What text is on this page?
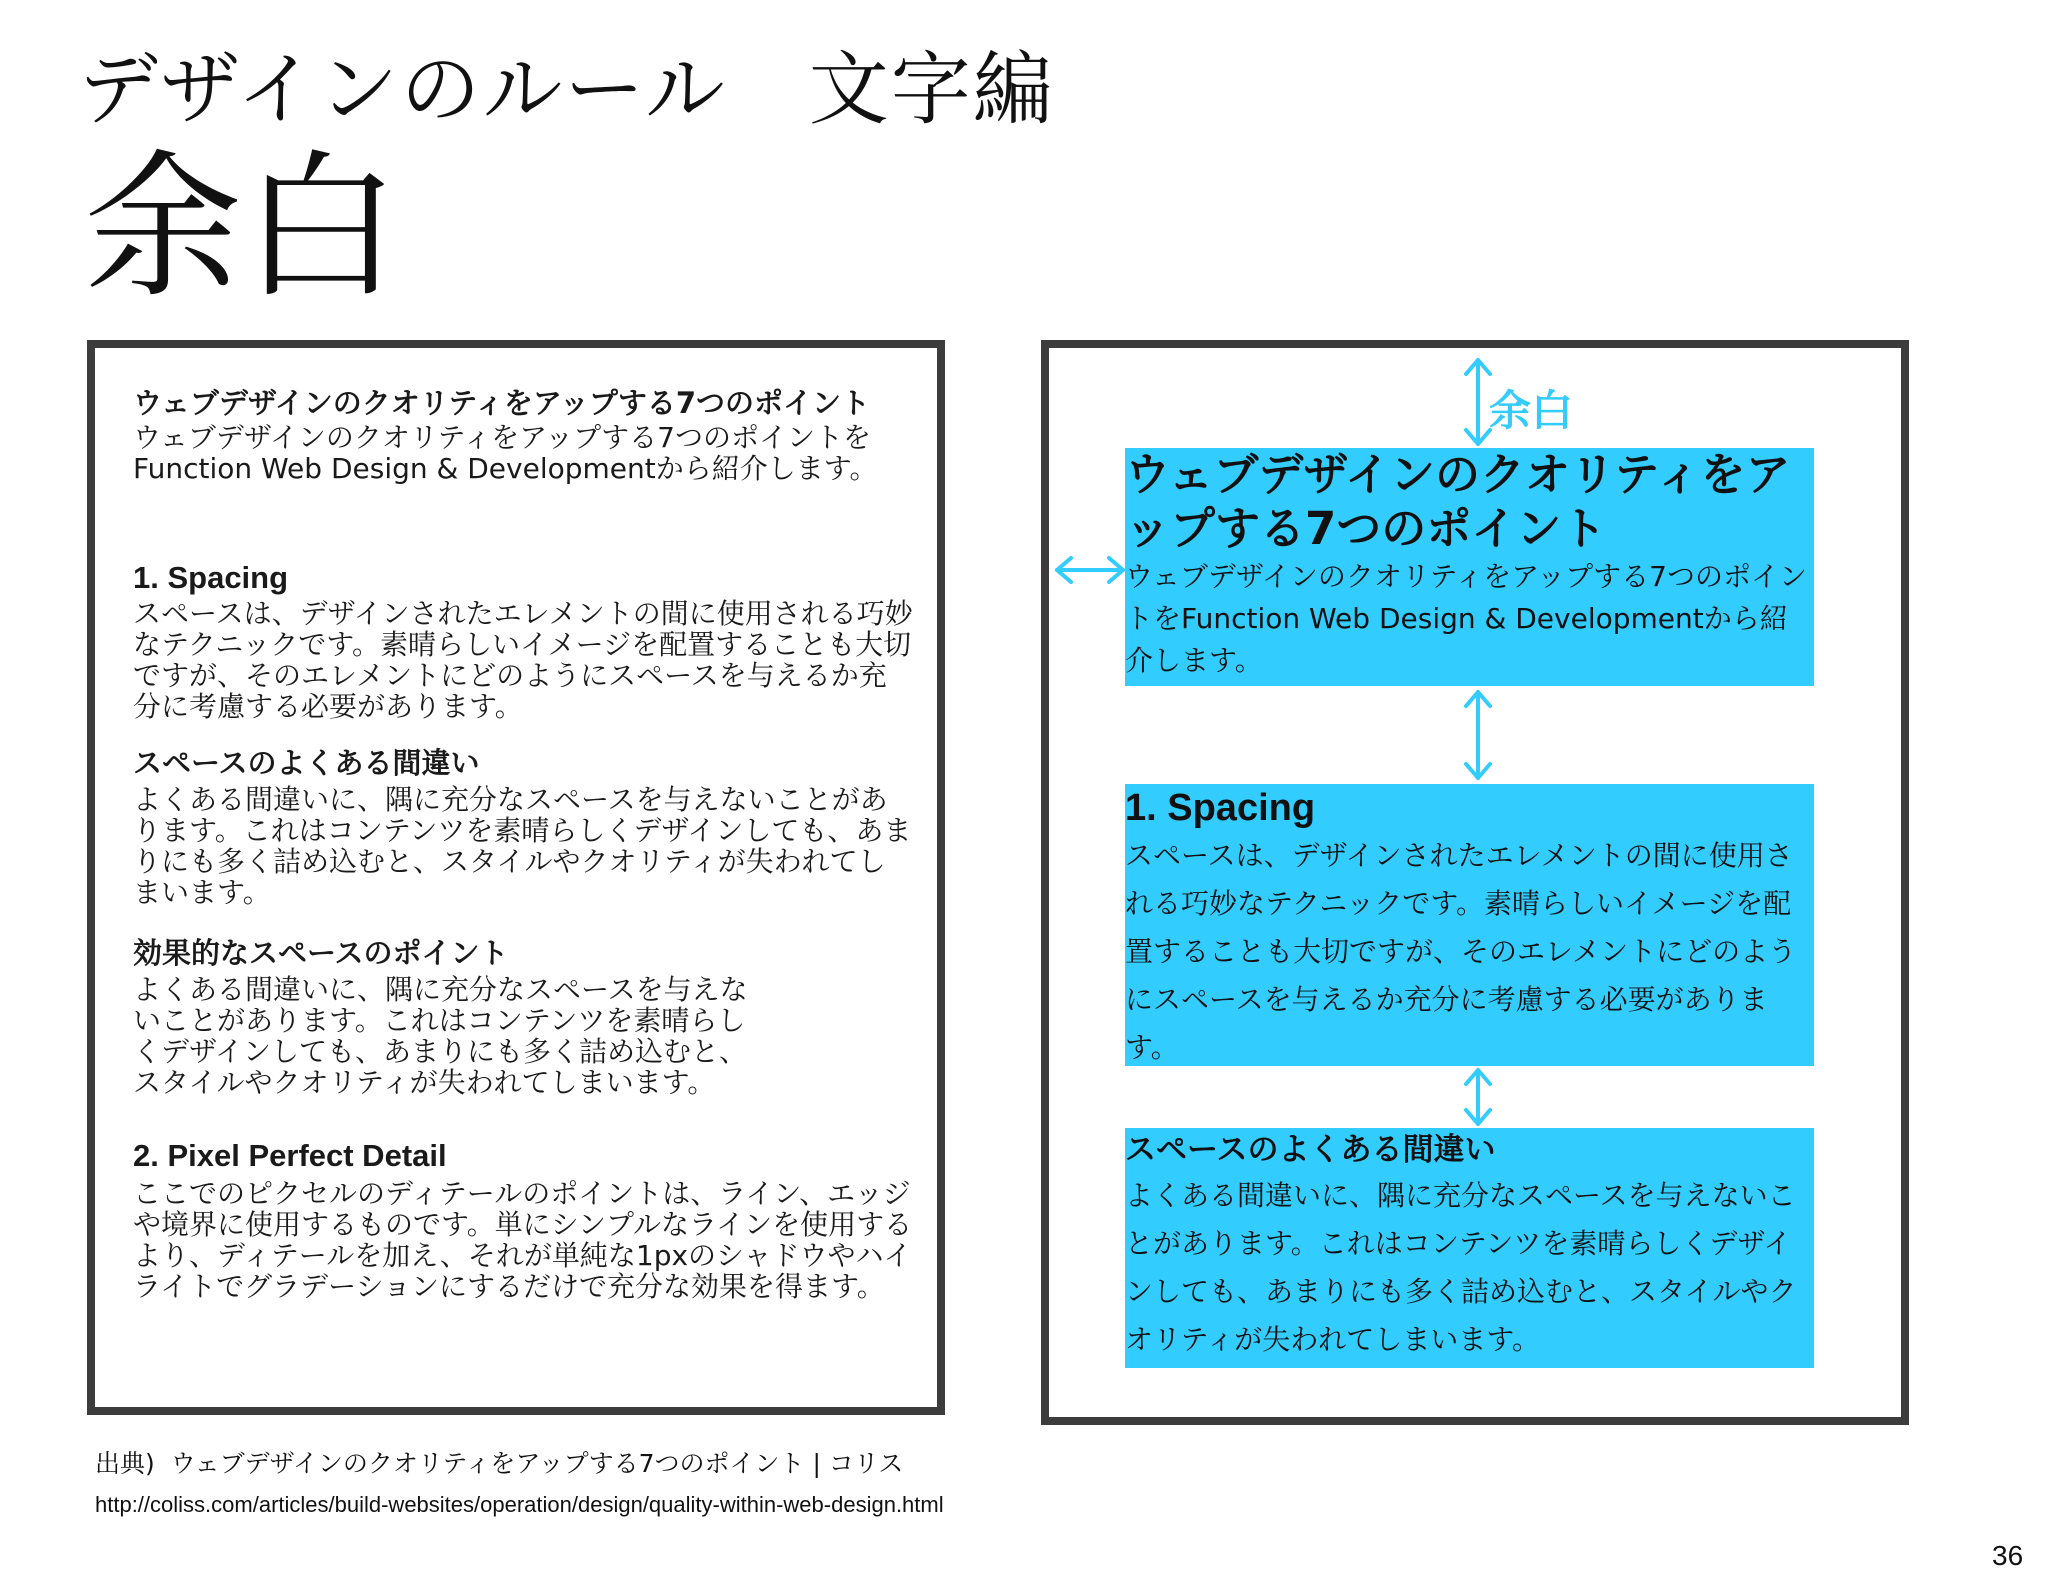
デザインのルール　文字編
余白
ウェブデザインのクオリティをアップする7つのポイント
ウェブデザインのクオリティをアップする7つのポイントをFunction Web Design & Developmentから紹介します。
1. Spacing
スペースは、デザインされたエレメントの間に使用される巧妙なテクニックです。素晴らしいイメージを配置することも大切ですが、そのエレメントにどのようにスペースを与えるか充分に考慮する必要があります。
スペースのよくある間違い
よくある間違いに、隅に充分なスペースを与えないことがあります。これはコンテンツを素晴らしくデザインしても、あまりにも多く詰め込むと、スタイルやクオリティが失われてしまいます。
効果的なスペースのポイント
よくある間違いに、隅に充分なスペースを与えないことがあります。これはコンテンツを素晴らしくデザインしても、あまりにも多く詰め込むと、スタイルやクオリティが失われてしまいます。
2. Pixel Perfect Detail
ここでのピクセルのディテールのポイントは、ライン、エッジや境界に使用するものです。単にシンプルなラインを使用するより、ディテールを加え、それが単純な1pxのシャドウやハイライトでグラデーションにするだけで充分な効果を得ます。
余白
ウェブデザインのクオリティをアップする7つのポイント
ウェブデザインのクオリティをアップする7つのポイントをFunction Web Design & Developmentから紹介します。
1. Spacing
スペースは、デザインされたエレメントの間に使用される巧妙なテクニックです。素晴らしいイメージを配置することも大切ですが、そのエレメントにどのようにスペースを与えるか充分に考慮する必要があります。
スペースのよくある間違い
よくある間違いに、隅に充分なスペースを与えないことがあります。これはコンテンツを素晴らしくデザインしても、あまりにも多く詰め込むと、スタイルやクオリティが失われてしまいます。
出典)  ウェブデザインのクオリティをアップする7つのポイント | コリス
http://coliss.com/articles/build-websites/operation/design/quality-within-web-design.html
36
